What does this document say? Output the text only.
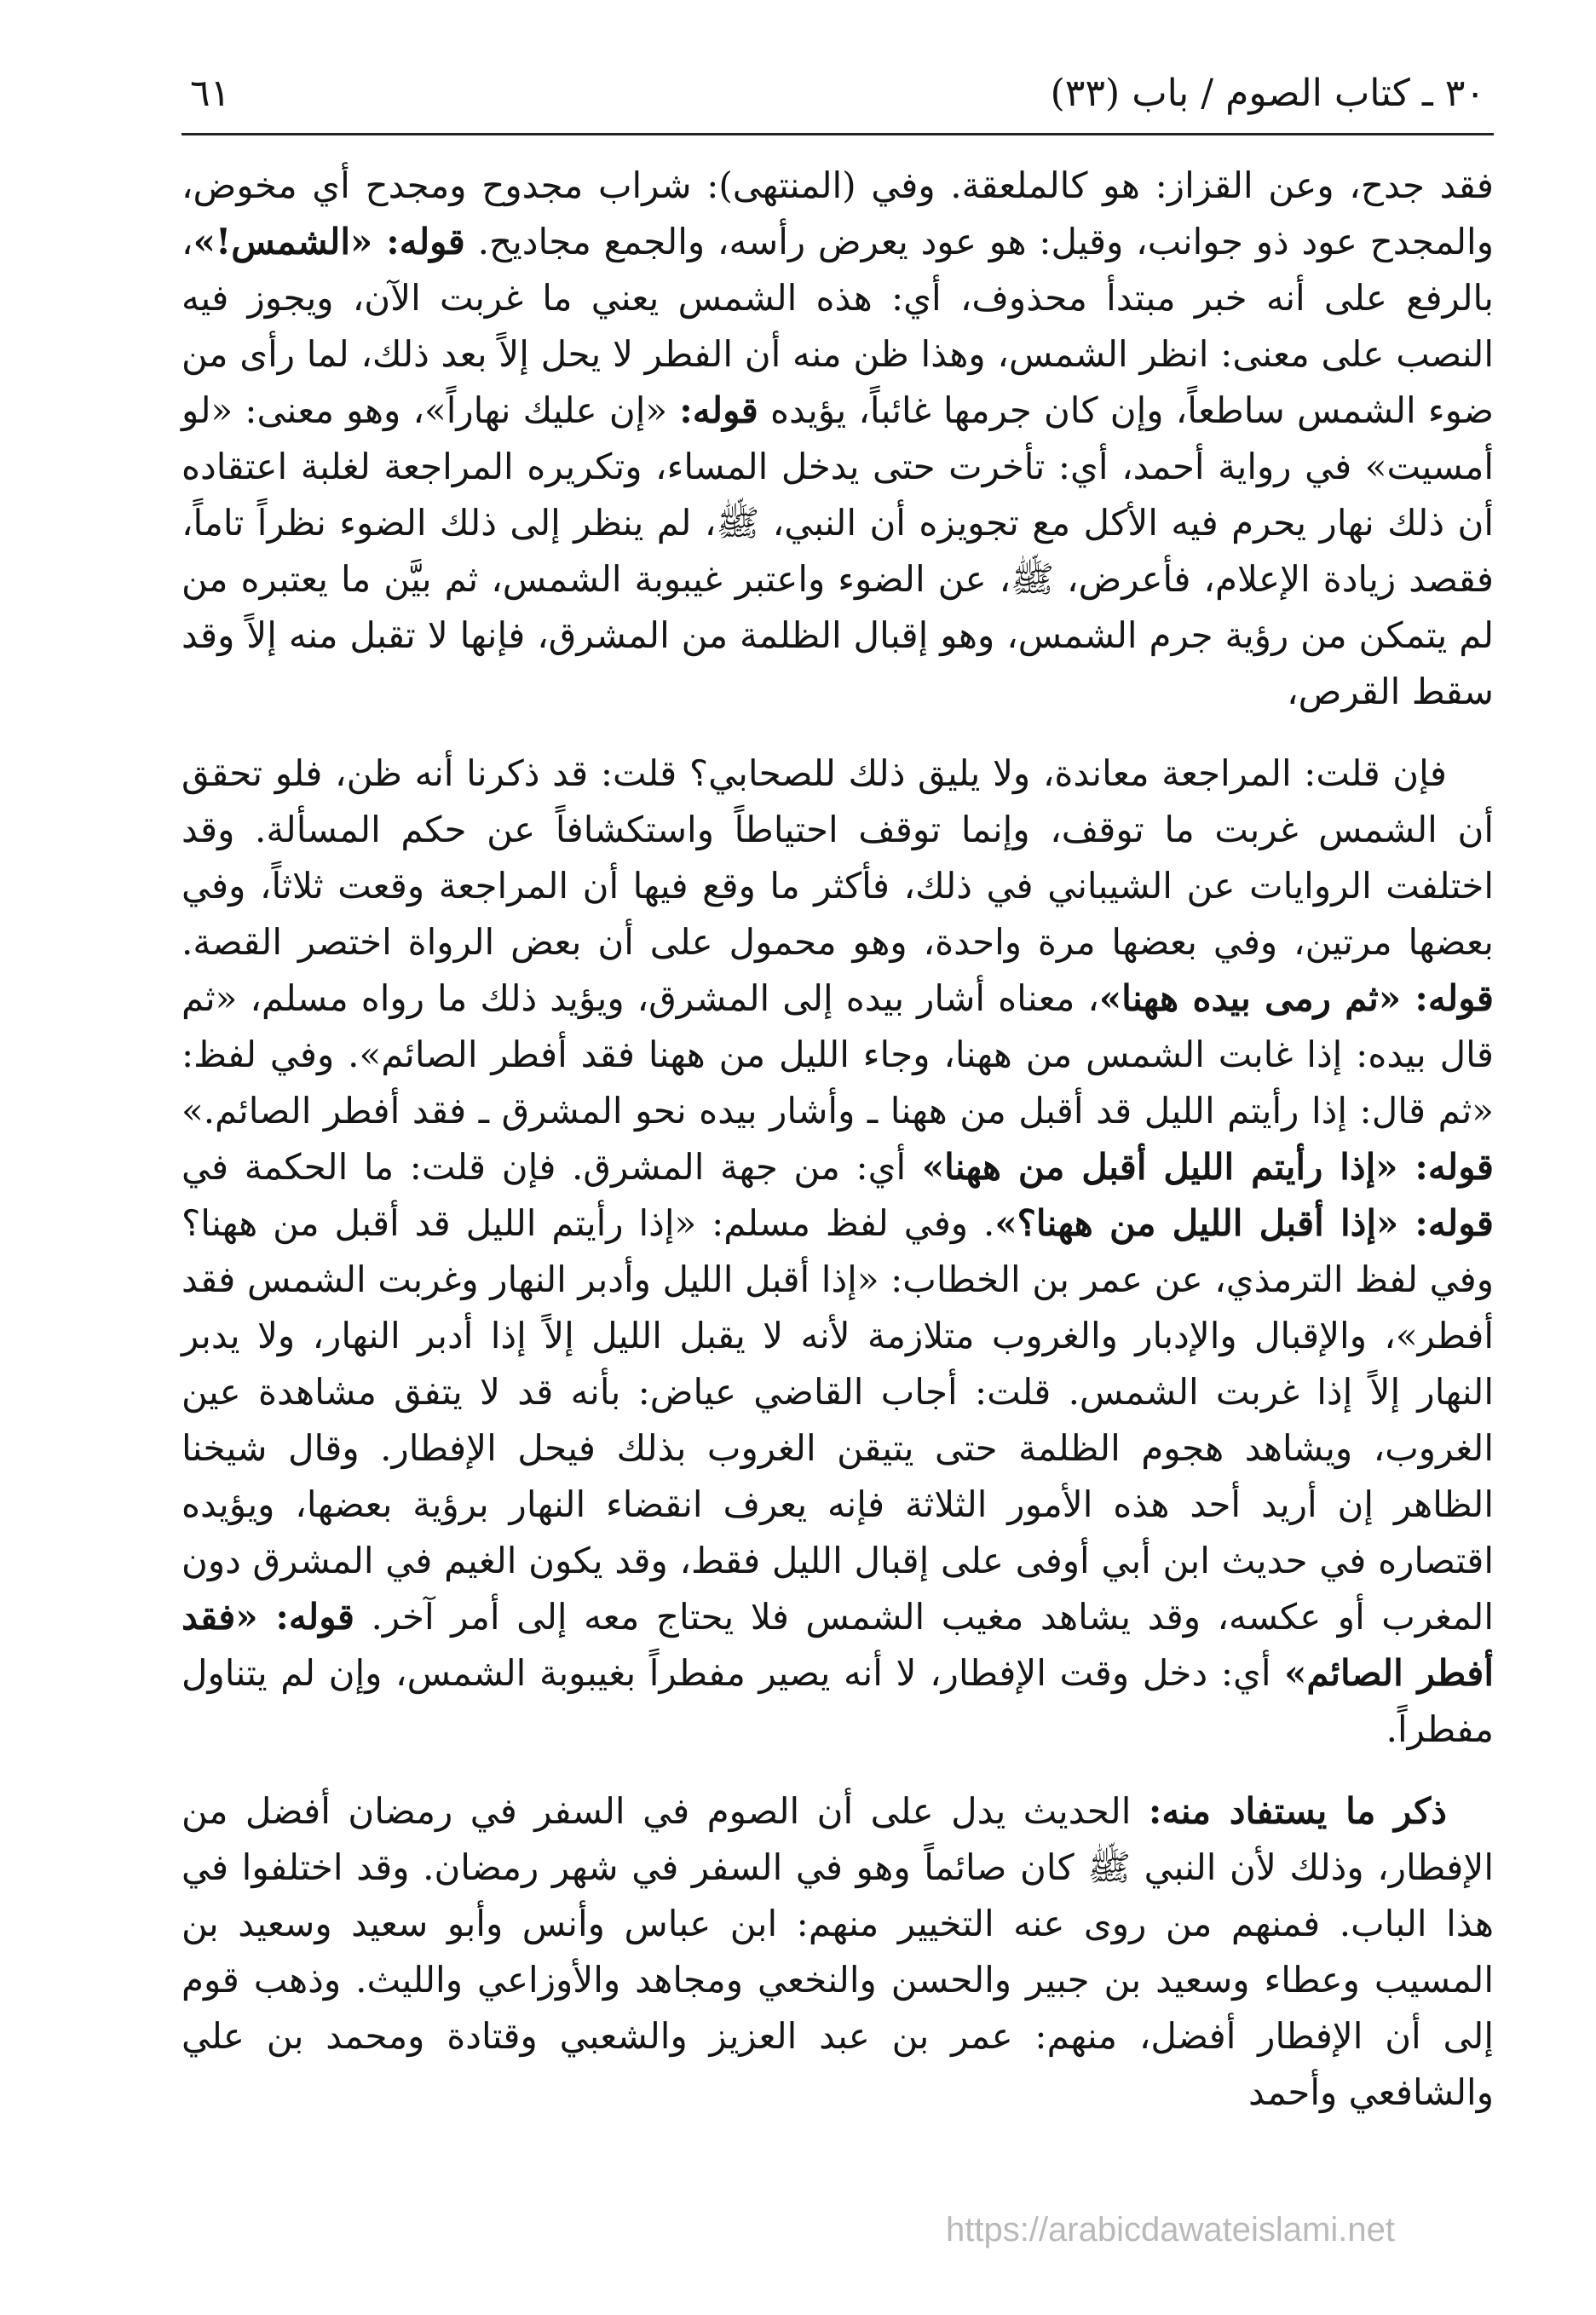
٣٠ ـ كتاب الصوم / باب (٣٣)
٦١

فقد جدح، وعن القزاز: هو كالملعقة. وفي (المنتهى): شراب مجدوح ومجدح أي مخوض، والمجدح عود ذو جوانب، وقيل: هو عود يعرض رأسه، والجمع مجاديح. قوله: «الشمس!»، بالرفع على أنه خبر مبتدأ محذوف، أي: هذه الشمس يعني ما غربت الآن، ويجوز فيه النصب على معنى: انظر الشمس، وهذا ظن منه أن الفطر لا يحل إلاً بعد ذلك، لما رأى من ضوء الشمس ساطعاً، وإن كان جرمها غائباً، يؤيده قوله: «إن عليك نهاراً»، وهو معنى: «لو أمسيت» في رواية أحمد، أي: تأخرت حتى يدخل المساء، وتكريره المراجعة لغلبة اعتقاده أن ذلك نهار يحرم فيه الأكل مع تجويزه أن النبي، ﷺ، لم ينظر إلى ذلك الضوء نظراً تاماً، فقصد زيادة الإعلام، فأعرض، ﷺ، عن الضوء واعتبر غيبوبة الشمس، ثم بيَّن ما يعتبره من لم يتمكن من رؤية جرم الشمس، وهو إقبال الظلمة من المشرق، فإنها لا تقبل منه إلاً وقد سقط القرص،

فإن قلت: المراجعة معاندة، ولا يليق ذلك للصحابي؟ قلت: قد ذكرنا أنه ظن، فلو تحقق أن الشمس غربت ما توقف، وإنما توقف احتياطاً واستكشافاً عن حكم المسألة. وقد اختلفت الروايات عن الشيباني في ذلك، فأكثر ما وقع فيها أن المراجعة وقعت ثلاثاً، وفي بعضها مرتين، وفي بعضها مرة واحدة، وهو محمول على أن بعض الرواة اختصر القصة. قوله: «ثم رمى بيده ههنا»، معناه أشار بيده إلى المشرق، ويؤيد ذلك ما رواه مسلم، «ثم قال بيده: إذا غابت الشمس من ههنا، وجاء الليل من ههنا فقد أفطر الصائم». وفي لفظ: «ثم قال: إذا رأيتم الليل قد أقبل من ههنا ـ وأشار بيده نحو المشرق ـ فقد أفطر الصائم.» قوله: «إذا رأيتم الليل أقبل من ههنا» أي: من جهة المشرق. فإن قلت: ما الحكمة في قوله: «إذا أقبل الليل من ههنا؟». وفي لفظ مسلم: «إذا رأيتم الليل قد أقبل من ههنا؟ وفي لفظ الترمذي، عن عمر بن الخطاب: «إذا أقبل الليل وأدبر النهار وغربت الشمس فقد أفطر»، والإقبال والإدبار والغروب متلازمة لأنه لا يقبل الليل إلاً إذا أدبر النهار، ولا يدبر النهار إلاً إذا غربت الشمس. قلت: أجاب القاضي عياض: بأنه قد لا يتفق مشاهدة عين الغروب، ويشاهد هجوم الظلمة حتى يتيقن الغروب بذلك فيحل الإفطار. وقال شيخنا الظاهر إن أريد أحد هذه الأمور الثلاثة فإنه يعرف انقضاء النهار برؤية بعضها، ويؤيده اقتصاره في حديث ابن أبي أوفى على إقبال الليل فقط، وقد يكون الغيم في المشرق دون المغرب أو عكسه، وقد يشاهد مغيب الشمس فلا يحتاج معه إلى أمر آخر. قوله: «فقد أفطر الصائم» أي: دخل وقت الإفطار، لا أنه يصير مفطراً بغيبوبة الشمس، وإن لم يتناول مفطراً.

ذكر ما يستفاد منه: الحديث يدل على أن الصوم في السفر في رمضان أفضل من الإفطار، وذلك لأن النبي ﷺ كان صائماً وهو في السفر في شهر رمضان. وقد اختلفوا في هذا الباب. فمنهم من روى عنه التخيير منهم: ابن عباس وأنس وأبو سعيد وسعيد بن المسيب وعطاء وسعيد بن جبير والحسن والنخعي ومجاهد والأوزاعي والليث. وذهب قوم إلى أن الإفطار أفضل، منهم: عمر بن عبد العزيز والشعبي وقتادة ومحمد بن علي والشافعي وأحمد

https://arabicdawateislami.net
